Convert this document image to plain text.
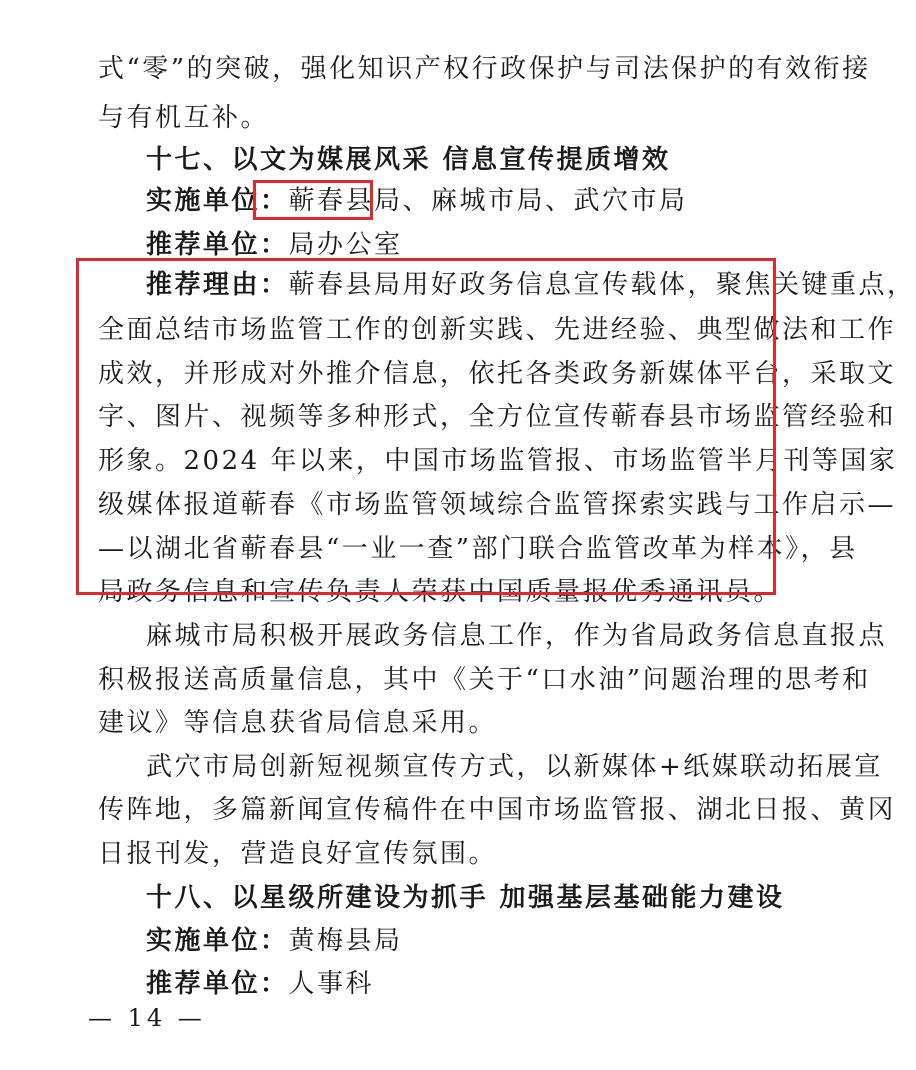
式“零”的突破，强化知识产权行政保护与司法保护的有效衔接
与有机互补。
十七、以文为媒展风采 信息宣传提质增效
实施单位：蕲春县局、麻城市局、武穴市局
推荐单位：局办公室
推荐理由：蕲春县局用好政务信息宣传载体，聚焦关键重点，
全面总结市场监管工作的创新实践、先进经验、典型做法和工作
成效，并形成对外推介信息，依托各类政务新媒体平台，采取文
字、图片、视频等多种形式，全方位宣传蕲春县市场监管经验和
形象。2024 年以来，中国市场监管报、市场监管半月刊等国家
级媒体报道蕲春《市场监管领域综合监管探索实践与工作启示—
—以湖北省蕲春县“一业一查”部门联合监管改革为样本》，县
局政务信息和宣传负责人荣获中国质量报优秀通讯员。
麻城市局积极开展政务信息工作，作为省局政务信息直报点
积极报送高质量信息，其中《关于“口水油”问题治理的思考和
建议》等信息获省局信息采用。
武穴市局创新短视频宣传方式，以新媒体+纸媒联动拓展宣
传阵地，多篇新闻宣传稿件在中国市场监管报、湖北日报、黄冈
日报刊发，营造良好宣传氛围。
十八、以星级所建设为抓手 加强基层基础能力建设
实施单位：黄梅县局
推荐单位：人事科
— 14 —
